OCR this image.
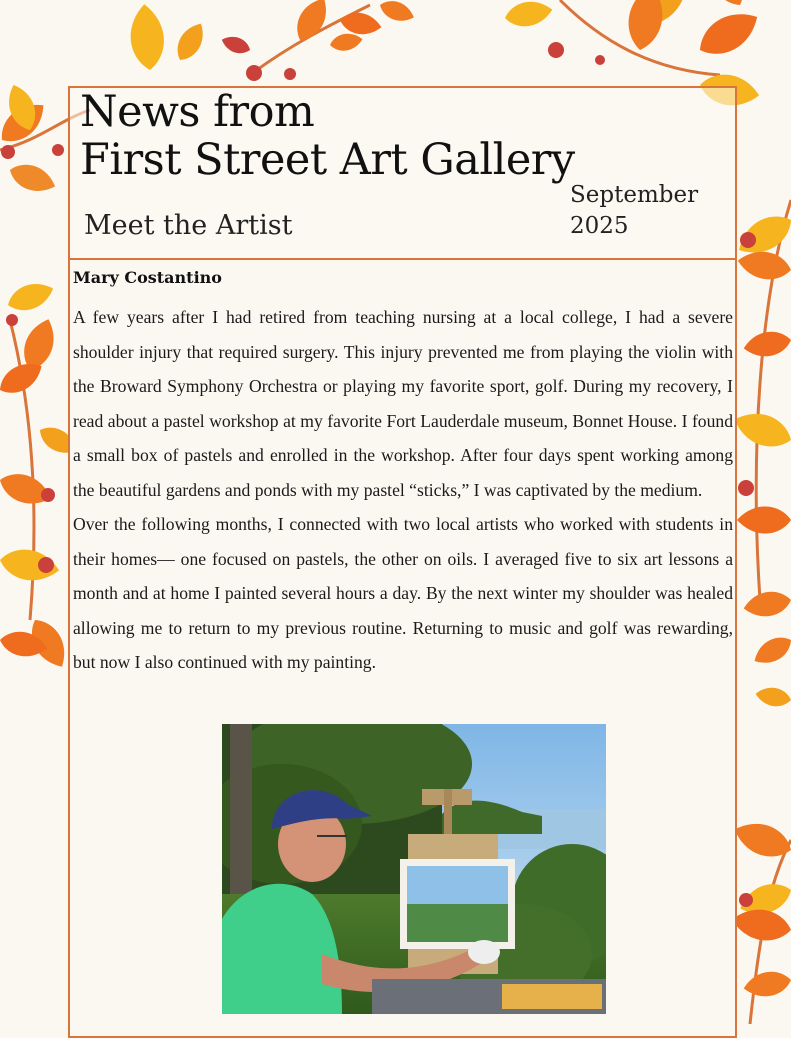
News from
First Street Art Gallery
Meet the Artist
September
2025
Mary Costantino

A few years after I had retired from teaching nursing at a local college, I had a severe shoulder injury that required surgery. This injury prevented me from playing the violin with the Broward Symphony Orchestra or playing my favorite sport, golf. During my recovery, I read about a pastel workshop at my favorite Fort Lauderdale museum, Bonnet House. I found a small box of pastels and enrolled in the workshop. After four days spent working among the beautiful gardens and ponds with my pastel “sticks,” I was captivated by the medium.

Over the following months, I connected with two local artists who worked with students in their homes— one focused on pastels, the other on oils. I averaged five to six art lessons a month and at home I painted several hours a day. By the next winter my shoulder was healed allowing me to return to my previous routine. Returning to music and golf was rewarding, but now I also continued with my painting.
